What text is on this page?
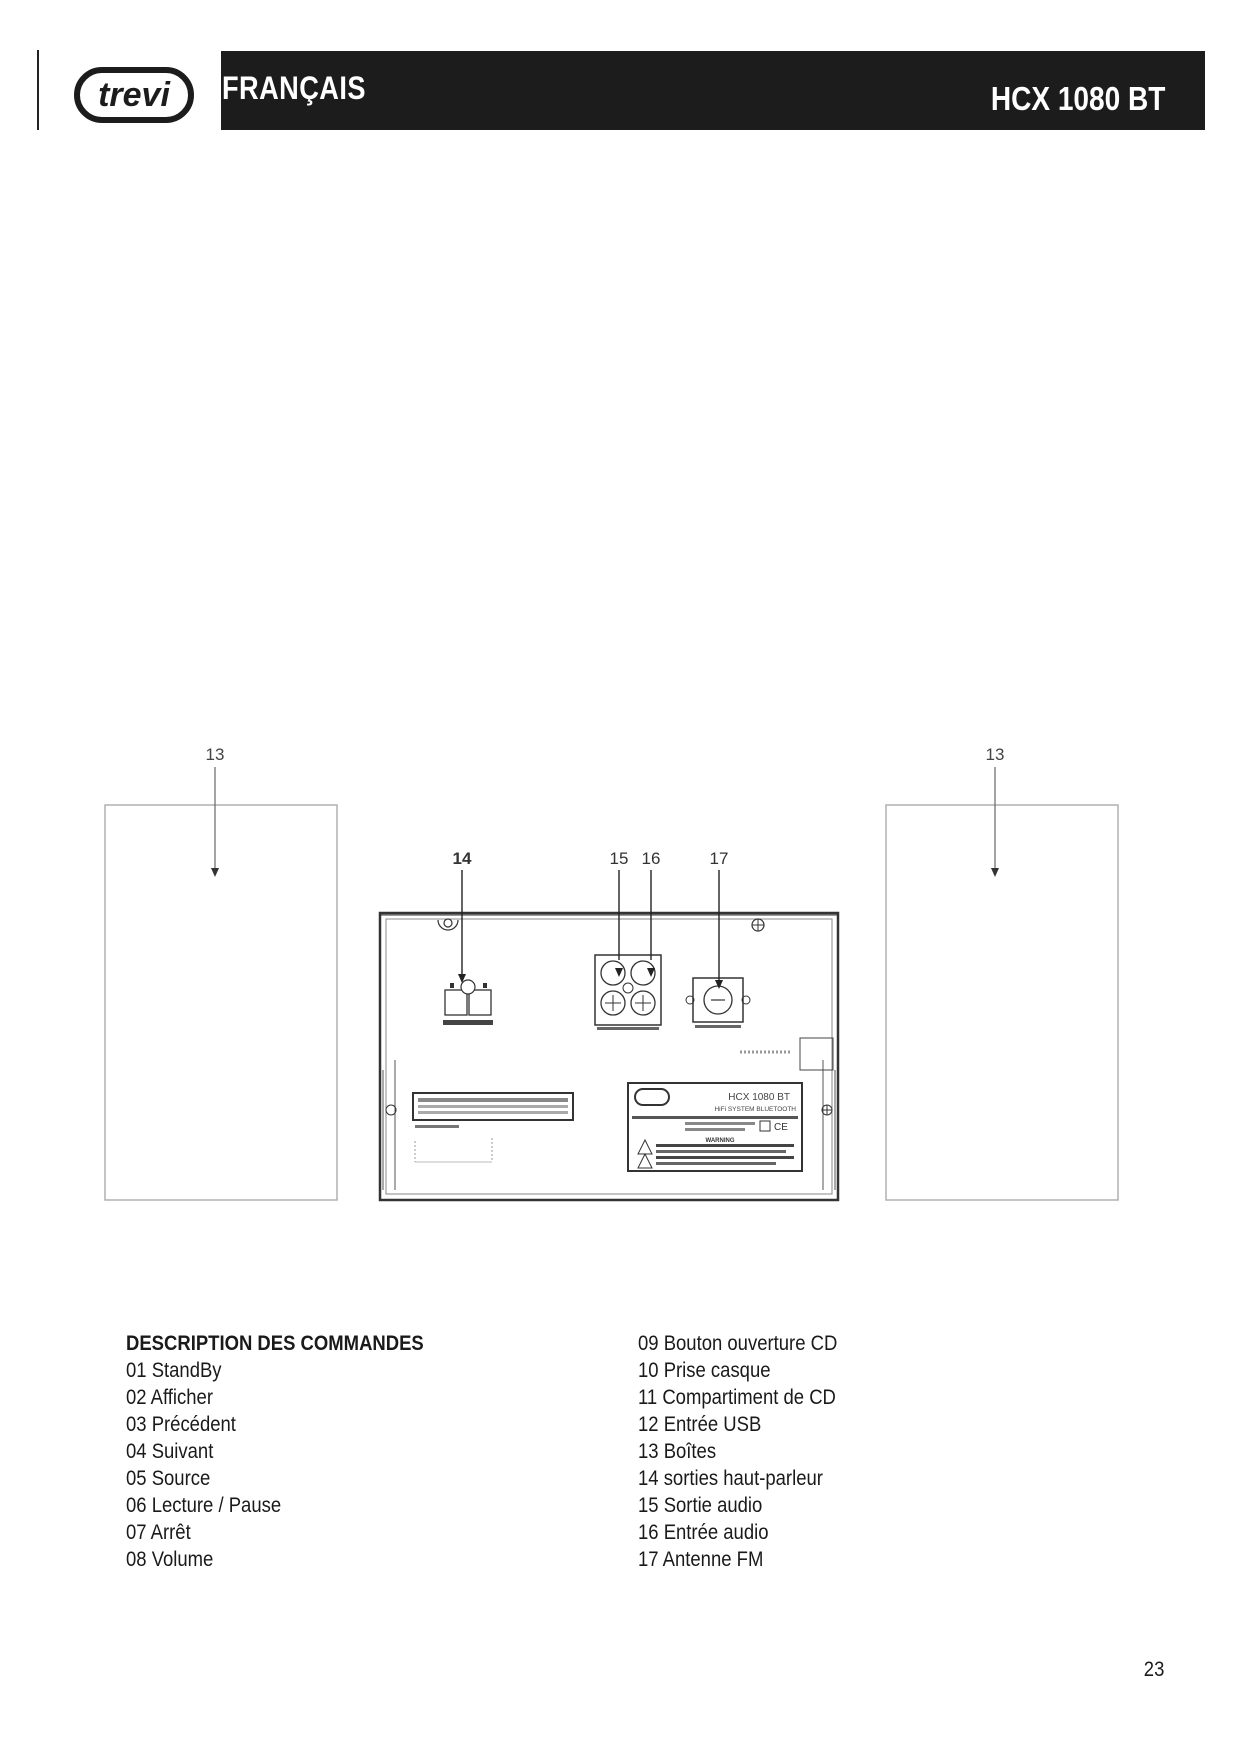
trevi FRANÇAIS	HCX 1080 BT
13	13
HCX 1080 BT
HiFi SYSTEM BLUETOOTH
CE
WARNING
14	15 16	17
DESCRIPTION DES COMMANDES
01 StandBy
02 Afficher
03 Précédent
04 Suivant
05 Source
06 Lecture / Pause
07 Arrêt
08 Volume
09 Bouton ouverture CD
10 Prise casque
11 Compartiment de CD
12 Entrée USB
13 Boîtes
14 sorties haut-parleur
15 Sortie audio
16 Entrée audio
17 Antenne FM
23
